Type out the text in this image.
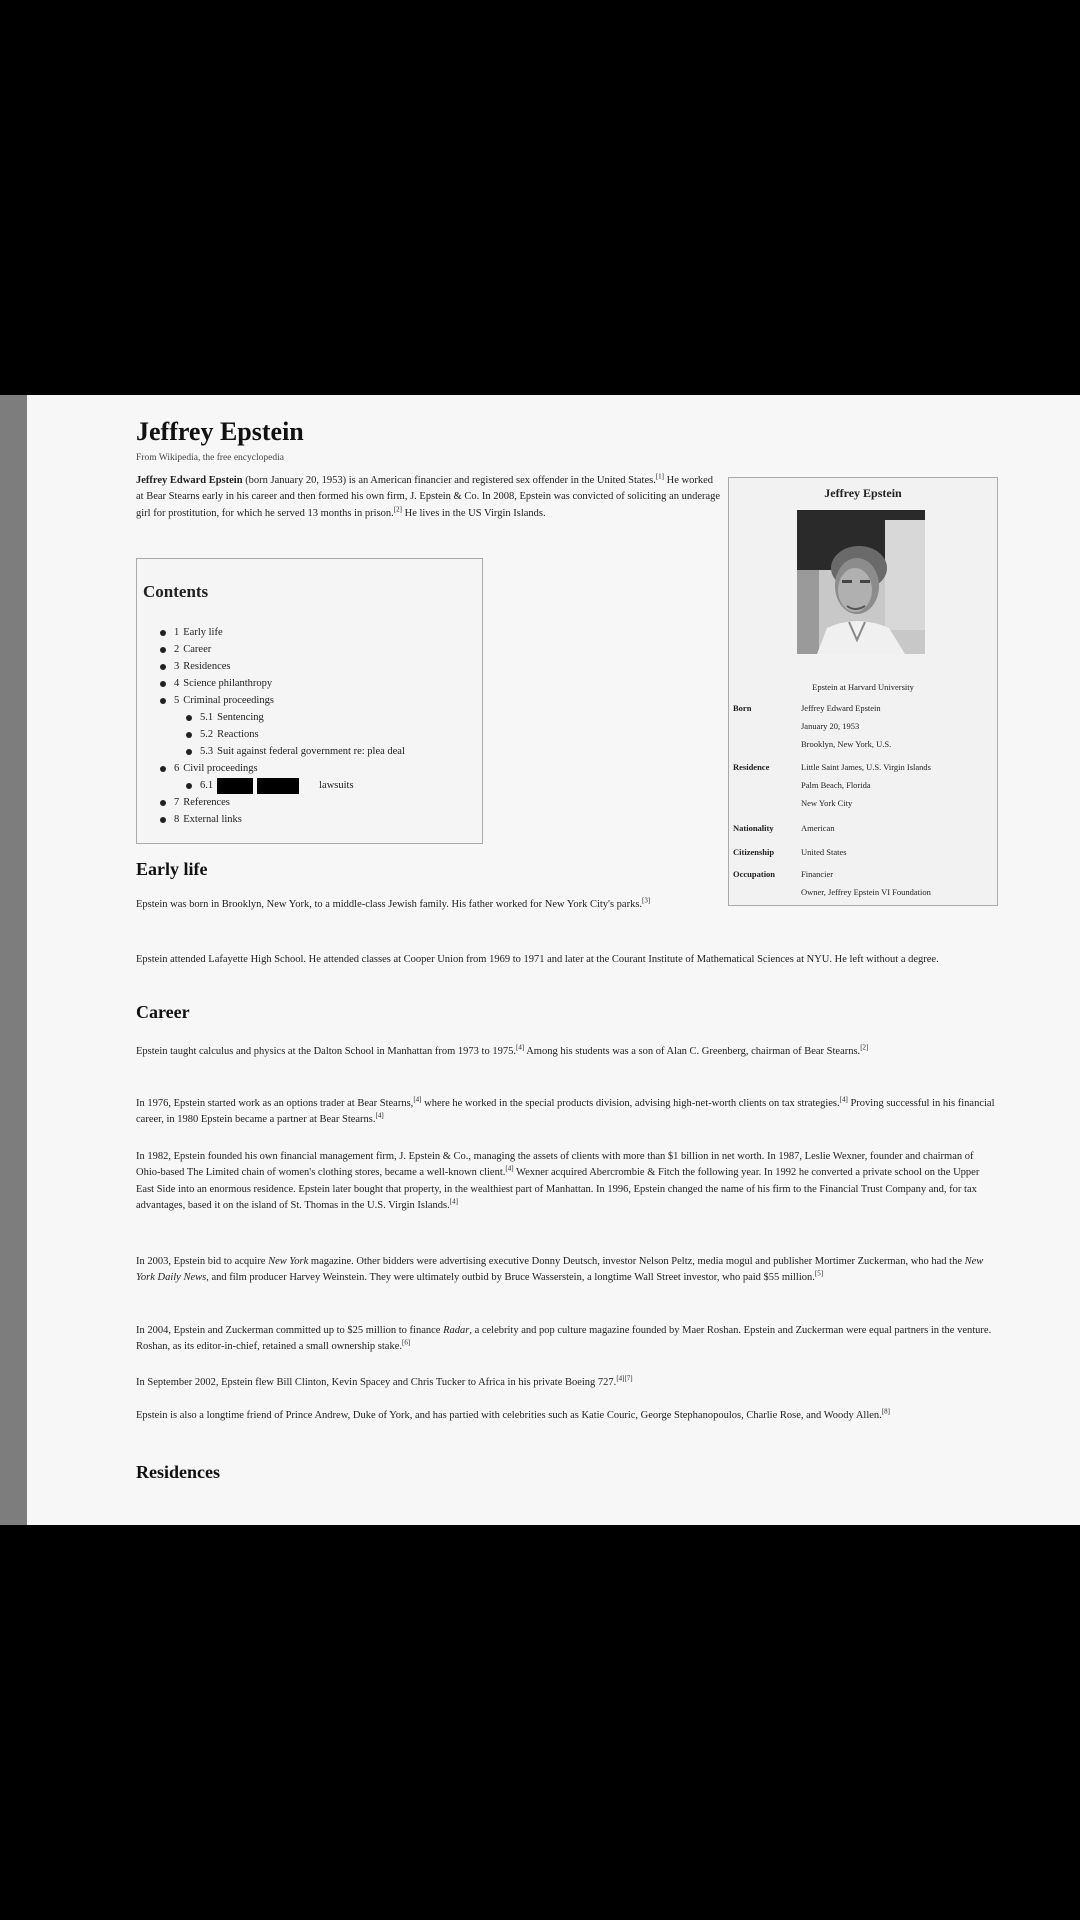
Jeffrey Epstein
From Wikipedia, the free encyclopedia

Jeffrey Edward Epstein (born January 20, 1953) is an American financier and registered sex offender in the United States.[1] He worked at Bear Stearns early in his career and then formed his own firm, J. Epstein & Co. In 2008, Epstein was convicted of soliciting an underage girl for prostitution, for which he served 13 months in prison.[2] He lives in the US Virgin Islands.

Contents
1 Early life
2 Career
3 Residences
4 Science philanthropy
5 Criminal proceedings
5.1 Sentencing
5.2 Reactions
5.3 Suit against federal government re: plea deal
6 Civil proceedings
6.1	lawsuits
7 References
8 External links
Jeffrey Epstein
Epstein at Harvard University
Born	Jeffrey Edward Epstein
January 20, 1953
Brooklyn, New York, U.S.
Residence	Little Saint James, U.S. Virgin Islands
Palm Beach, Florida
New York City
Nationality	American
Citizenship	United States
Occupation	Financier
Owner, Jeffrey Epstein VI Foundation
Early life

Epstein was born in Brooklyn, New York, to a middle-class Jewish family. His father worked for New York City's parks.[3]

Epstein attended Lafayette High School. He attended classes at Cooper Union from 1969 to 1971 and later at the Courant Institute of Mathematical Sciences at NYU. He left without a degree.

Career

Epstein taught calculus and physics at the Dalton School in Manhattan from 1973 to 1975.[4] Among his students was a son of Alan C. Greenberg, chairman of Bear Stearns.[2]

In 1976, Epstein started work as an options trader at Bear Stearns,[4] where he worked in the special products division, advising high-net-worth clients on tax strategies.[4] Proving successful in his financial career, in 1980 Epstein became a partner at Bear Stearns.[4]

In 1982, Epstein founded his own financial management firm, J. Epstein & Co., managing the assets of clients with more than $1 billion in net worth. In 1987, Leslie Wexner, founder and chairman of Ohio-based The Limited chain of women's clothing stores, became a well-known client.[4] Wexner acquired Abercrombie & Fitch the following year. In 1992 he converted a private school on the Upper East Side into an enormous residence. Epstein later bought that property, in the wealthiest part of Manhattan. In 1996, Epstein changed the name of his firm to the Financial Trust Company and, for tax advantages, based it on the island of St. Thomas in the U.S. Virgin Islands.[4]

In 2003, Epstein bid to acquire New York magazine. Other bidders were advertising executive Donny Deutsch, investor Nelson Peltz, media mogul and publisher Mortimer Zuckerman, who had the New York Daily News, and film producer Harvey Weinstein. They were ultimately outbid by Bruce Wasserstein, a longtime Wall Street investor, who paid $55 million.[5]

In 2004, Epstein and Zuckerman committed up to $25 million to finance Radar, a celebrity and pop culture magazine founded by Maer Roshan. Epstein and Zuckerman were equal partners in the venture. Roshan, as its editor-in-chief, retained a small ownership stake.[6]

In September 2002, Epstein flew Bill Clinton, Kevin Spacey and Chris Tucker to Africa in his private Boeing 727.[4][7]

Epstein is also a longtime friend of Prince Andrew, Duke of York, and has partied with celebrities such as Katie Couric, George Stephanopoulos, Charlie Rose, and Woody Allen.[8]

Residences
